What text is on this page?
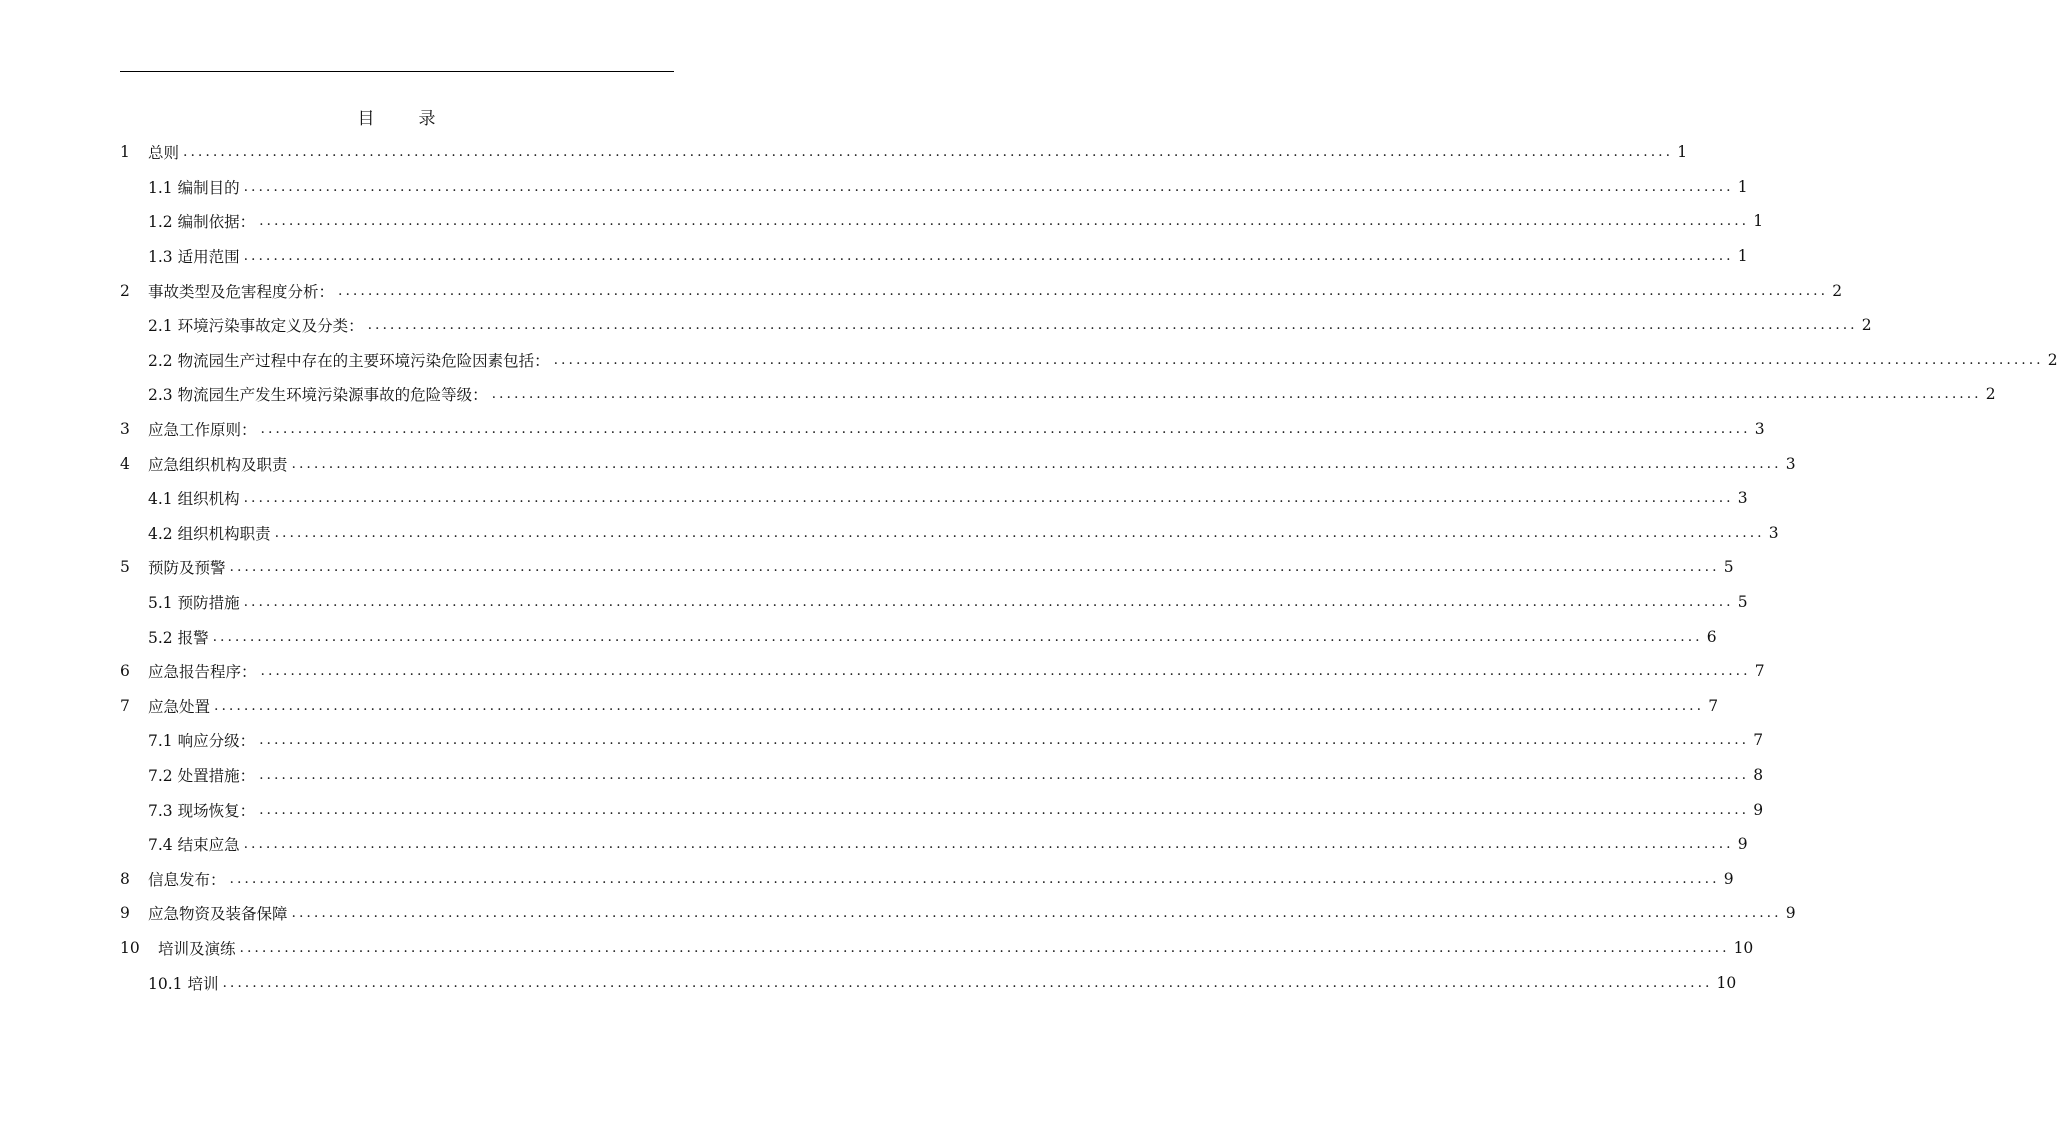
目录
1	总则 ........................................................................................................................................................................................................ 1
1.1 编制目的 ........................................................................................................................................................................................................ 1
1.2 编制依据： ........................................................................................................................................................................................................ 1
1.3 适用范围 ........................................................................................................................................................................................................ 1
2	事故类型及危害程度分析： ........................................................................................................................................................................................................ 2
2.1 环境污染事故定义及分类： ........................................................................................................................................................................................................ 2
2.2 物流园生产过程中存在的主要环境污染危险因素包括： ........................................................................................................................................................................................................ 2
2.3 物流园生产发生环境污染源事故的危险等级： ........................................................................................................................................................................................................ 2
3	应急工作原则： ........................................................................................................................................................................................................ 3
4	应急组织机构及职责 ........................................................................................................................................................................................................ 3
4.1 组织机构 ........................................................................................................................................................................................................ 3
4.2 组织机构职责 ........................................................................................................................................................................................................ 3
5	预防及预警 ........................................................................................................................................................................................................ 5
5.1 预防措施 ........................................................................................................................................................................................................ 5
5.2 报警 ........................................................................................................................................................................................................ 6
6	应急报告程序： ........................................................................................................................................................................................................ 7
7	应急处置 ........................................................................................................................................................................................................ 7
7.1 响应分级： ........................................................................................................................................................................................................ 7
7.2 处置措施： ........................................................................................................................................................................................................ 8
7.3 现场恢复： ........................................................................................................................................................................................................ 9
7.4 结束应急 ........................................................................................................................................................................................................ 9
8	信息发布： ........................................................................................................................................................................................................ 9
9	应急物资及装备保障 ........................................................................................................................................................................................................ 9
10	培训及演练 ........................................................................................................................................................................................................ 10
10.1 培训 ........................................................................................................................................................................................................ 10
